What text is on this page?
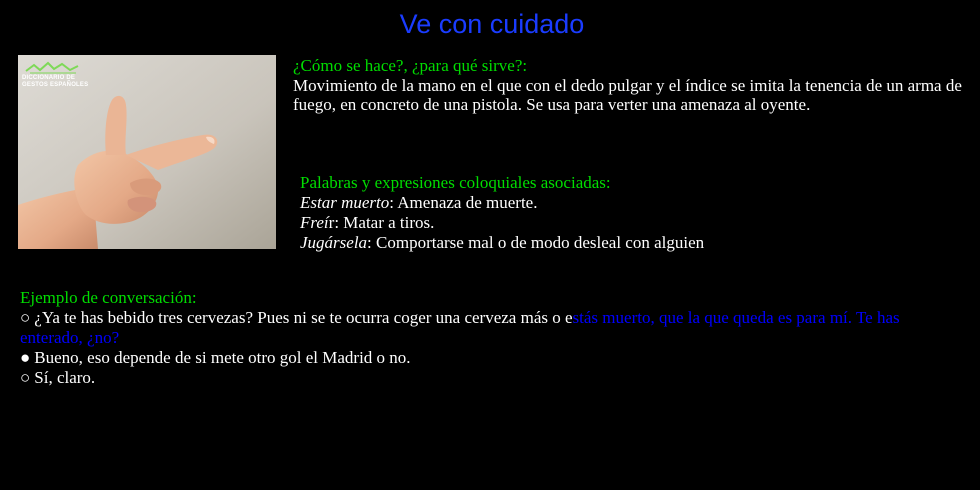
Ve con cuidado
DICCIONARIO DE
GESTOS ESPAÑOLES
¿Cómo se hace?, ¿para qué sirve?:
Movimiento de la mano en el que con el dedo pulgar y el índice se imita la tenencia de un arma de fuego, en concreto de una pistola. Se usa para verter una amenaza al oyente.
Palabras y expresiones coloquiales asociadas:
Estar muerto: Amenaza de muerte.
Freír: Matar a tiros.
Jugársela: Comportarse mal o de modo desleal con alguien
Ejemplo de conversación:
○ ¿Ya te has bebido tres cervezas? Pues ni se te ocurra coger una cerveza más o estás muerto, que la que queda es para mí. Te has enterado, ¿no?
● Bueno, eso depende de si mete otro gol el Madrid o no.
○ Sí, claro.
